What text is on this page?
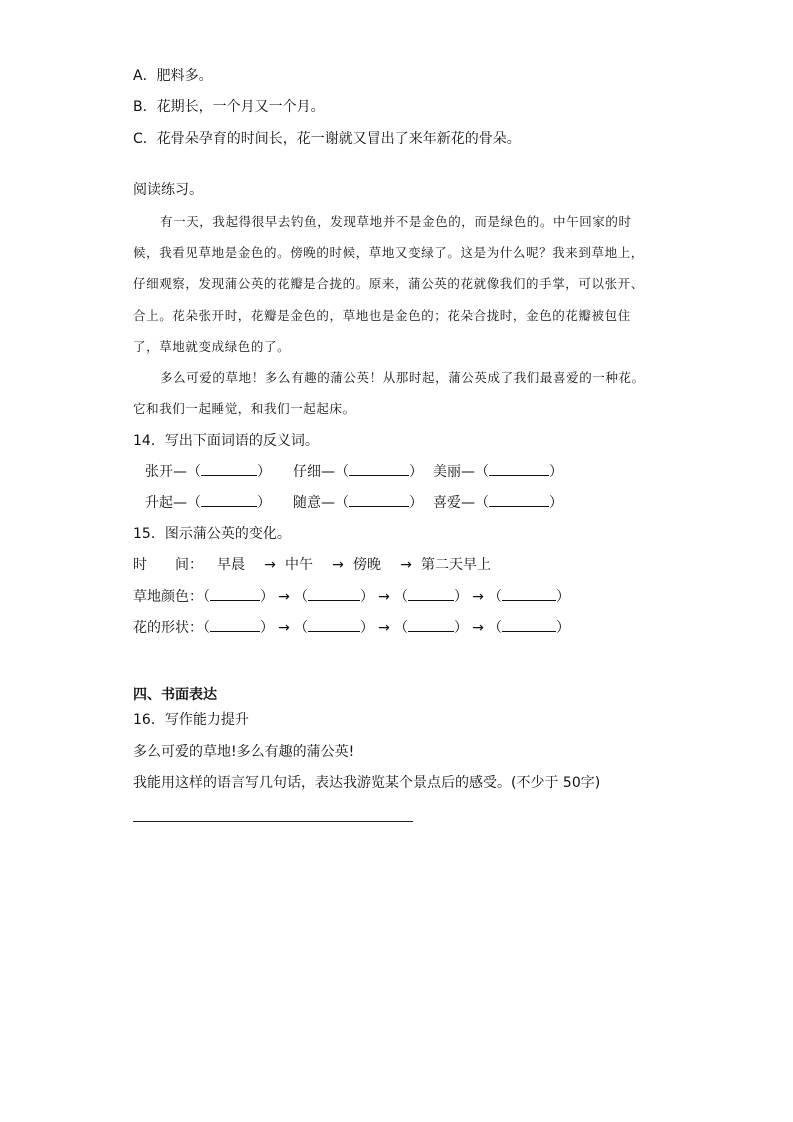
A．肥料多。
B．花期长，一个月又一个月。
C．花骨朵孕育的时间长，花一谢就又冒出了来年新花的骨朵。
阅读练习。
有一天，我起得很早去钓鱼，发现草地并不是金色的，而是绿色的。中午回家的时
候，我看见草地是金色的。傍晚的时候，草地又变绿了。这是为什么呢？我来到草地上，
仔细观察，发现蒲公英的花瓣是合拢的。原来，蒲公英的花就像我们的手掌，可以张开、
合上。花朵张开时，花瓣是金色的，草地也是金色的；花朵合拢时，金色的花瓣被包住
了，草地就变成绿色的了。
多么可爱的草地！多么有趣的蒲公英！从那时起，蒲公英成了我们最喜爱的一种花。
它和我们一起睡觉，和我们一起起床。
14．写出下面词语的反义词。
张开—（	） 仔细—（	） 美丽—（	）
升起—（	） 随意—（	） 喜爱—（	）
15．图示蒲公英的变化。
时　　间： 早晨 → 中午 → 傍晚 → 第二天早上
草地颜色：（	） → （	） → （	） → （	）
花的形状：（	） → （	） → （	） → （	）
四、书面表达
16．写作能力提升
多么可爱的草地!多么有趣的蒲公英!
我能用这样的语言写几句话，表达我游览某个景点后的感受。(不少于 50字)
